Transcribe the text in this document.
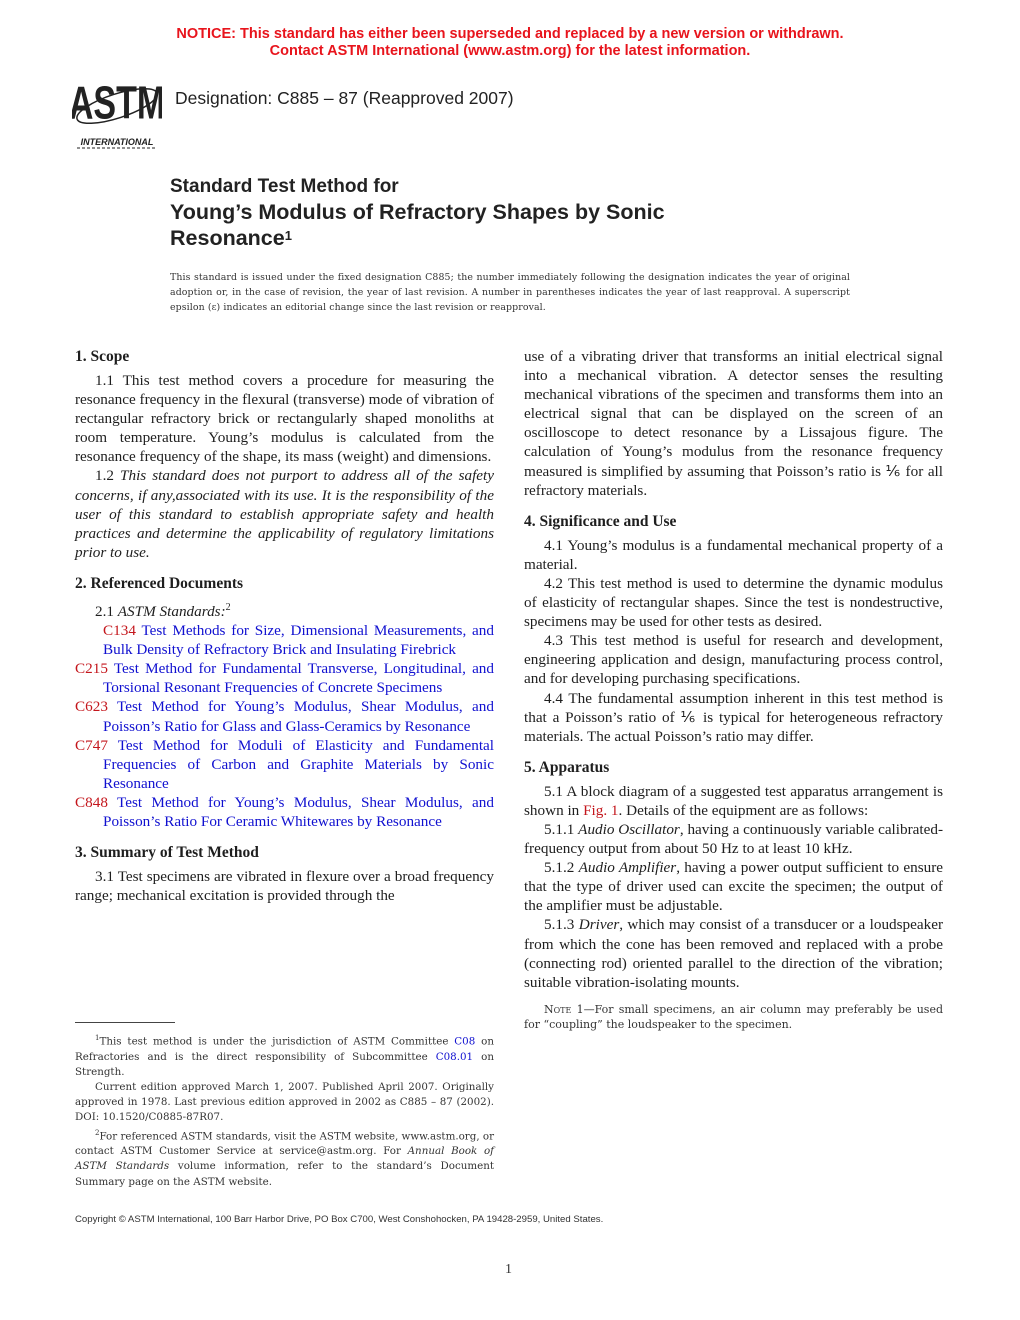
NOTICE: This standard has either been superseded and replaced by a new version or withdrawn.
Contact ASTM International (www.astm.org) for the latest information.
ASTM
INTERNATIONAL
Designation: C885 – 87 (Reapproved 2007)
Standard Test Method for
Young’s Modulus of Refractory Shapes by Sonic
Resonance$^1$
This standard is issued under the fixed designation C885; the number immediately following the designation indicates the year of original adoption or, in the case of revision, the year of last revision. A number in parentheses indicates the year of last reapproval. A superscript epsilon (ε) indicates an editorial change since the last revision or reapproval.
1. Scope

1.1 This test method covers a procedure for measuring the resonance frequency in the flexural (transverse) mode of vibration of rectangular refractory brick or rectangularly shaped monoliths at room temperature. Young’s modulus is calculated from the resonance frequency of the shape, its mass (weight) and dimensions.

1.2 This standard does not purport to address all of the safety concerns, if any,associated with its use. It is the responsibility of the user of this standard to establish appropriate safety and health practices and determine the applicability of regulatory limitations prior to use.

2. Referenced Documents

2.1 ASTM Standards:$^2$

C134 Test Methods for Size, Dimensional Measurements, and Bulk Density of Refractory Brick and Insulating Firebrick

C215 Test Method for Fundamental Transverse, Longitudinal, and Torsional Resonant Frequencies of Concrete Specimens

C623 Test Method for Young’s Modulus, Shear Modulus, and Poisson’s Ratio for Glass and Glass-Ceramics by Resonance

C747 Test Method for Moduli of Elasticity and Fundamental Frequencies of Carbon and Graphite Materials by Sonic Resonance

C848 Test Method for Young’s Modulus, Shear Modulus, and Poisson’s Ratio For Ceramic Whitewares by Resonance

3. Summary of Test Method

3.1 Test specimens are vibrated in flexure over a broad frequency range; mechanical excitation is provided through the

$^1$This test method is under the jurisdiction of ASTM Committee C08 on Refractories and is the direct responsibility of Subcommittee C08.01 on Strength.

Current edition approved March 1, 2007. Published April 2007. Originally approved in 1978. Last previous edition approved in 2002 as C885 – 87 (2002). DOI: 10.1520/C0885-87R07.

$^2$For referenced ASTM standards, visit the ASTM website, www.astm.org, or contact ASTM Customer Service at service@astm.org. For Annual Book of ASTM Standards volume information, refer to the standard’s Document Summary page on the ASTM website.

use of a vibrating driver that transforms an initial electrical signal into a mechanical vibration. A detector senses the resulting mechanical vibrations of the specimen and transforms them into an electrical signal that can be displayed on the screen of an oscilloscope to detect resonance by a Lissajous figure. The calculation of Young’s modulus from the resonance frequency measured is simplified by assuming that Poisson’s ratio is ⅙ for all refractory materials.

4. Significance and Use

4.1 Young’s modulus is a fundamental mechanical property of a material.

4.2 This test method is used to determine the dynamic modulus of elasticity of rectangular shapes. Since the test is nondestructive, specimens may be used for other tests as desired.

4.3 This test method is useful for research and development, engineering application and design, manufacturing process control, and for developing purchasing specifications.

4.4 The fundamental assumption inherent in this test method is that a Poisson’s ratio of ⅙ is typical for heterogeneous refractory materials. The actual Poisson’s ratio may differ.

5. Apparatus

5.1 A block diagram of a suggested test apparatus arrangement is shown in Fig. 1. Details of the equipment are as follows:

5.1.1 Audio Oscillator, having a continuously variable calibrated-frequency output from about 50 Hz to at least 10 kHz.

5.1.2 Audio Amplifier, having a power output sufficient to ensure that the type of driver used can excite the specimen; the output of the amplifier must be adjustable.

5.1.3 Driver, which may consist of a transducer or a loudspeaker from which the cone has been removed and replaced with a probe (connecting rod) oriented parallel to the direction of the vibration; suitable vibration-isolating mounts.

Note 1—For small specimens, an air column may preferably be used for “coupling” the loudspeaker to the specimen.

Copyright © ASTM International, 100 Barr Harbor Drive, PO Box C700, West Conshohocken, PA 19428-2959, United States.
1
